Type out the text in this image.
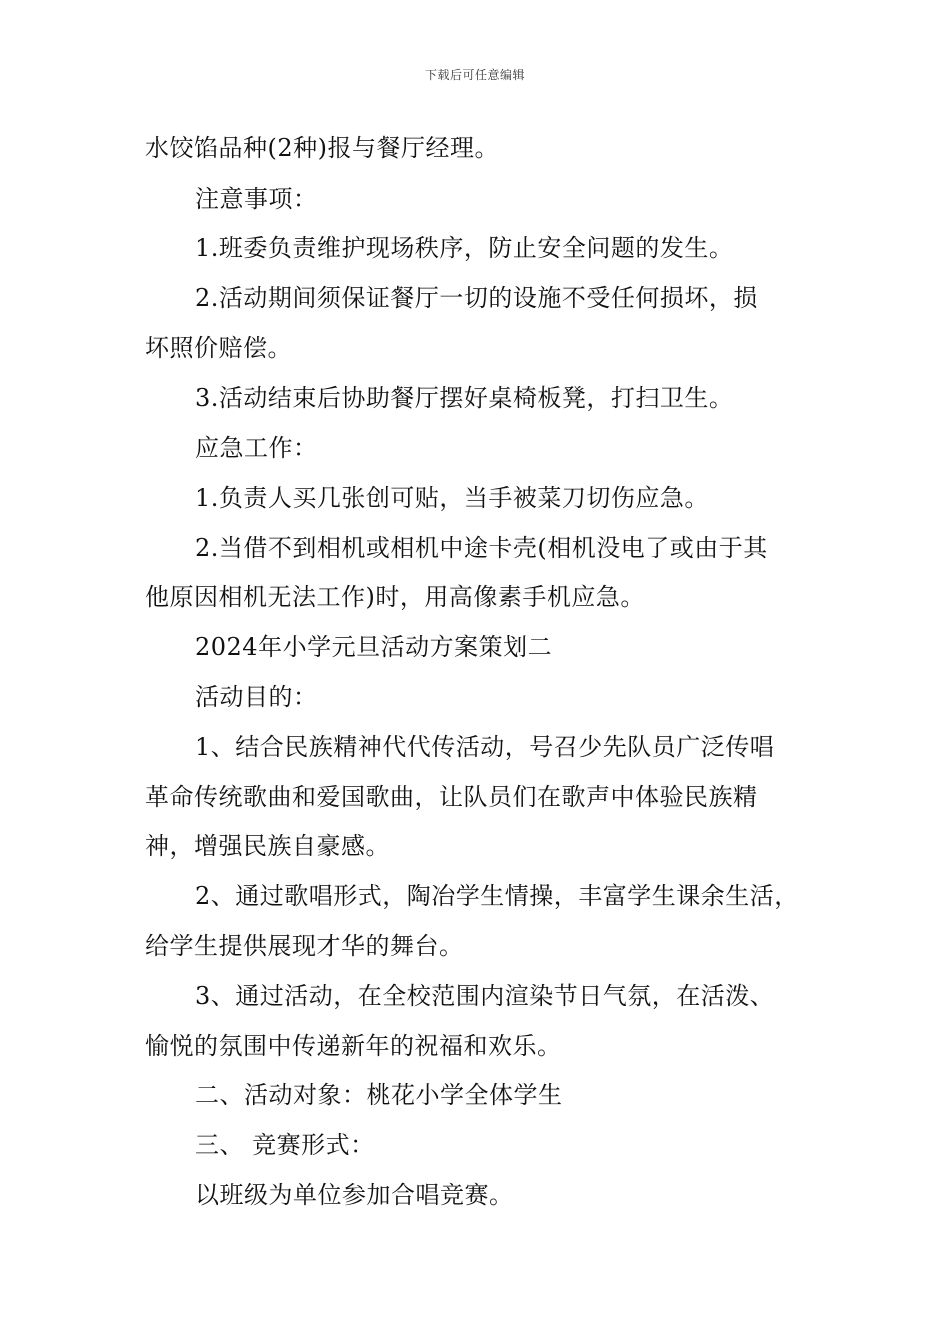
下载后可任意编辑
水饺馅品种(2种)报与餐厅经理。
注意事项：
1.班委负责维护现场秩序，防止安全问题的发生。
2.活动期间须保证餐厅一切的设施不受任何损坏，损
坏照价赔偿。
3.活动结束后协助餐厅摆好桌椅板凳，打扫卫生。
应急工作：
1.负责人买几张创可贴，当手被菜刀切伤应急。
2.当借不到相机或相机中途卡壳(相机没电了或由于其
他原因相机无法工作)时，用高像素手机应急。
2024年小学元旦活动方案策划二
活动目的：
1、结合民族精神代代传活动，号召少先队员广泛传唱
革命传统歌曲和爱国歌曲，让队员们在歌声中体验民族精
神，增强民族自豪感。
2、通过歌唱形式，陶冶学生情操，丰富学生课余生活，
给学生提供展现才华的舞台。
3、通过活动，在全校范围内渲染节日气氛，在活泼、
愉悦的氛围中传递新年的祝福和欢乐。
二、活动对象：桃花小学全体学生
三、 竞赛形式：
以班级为单位参加合唱竞赛。
